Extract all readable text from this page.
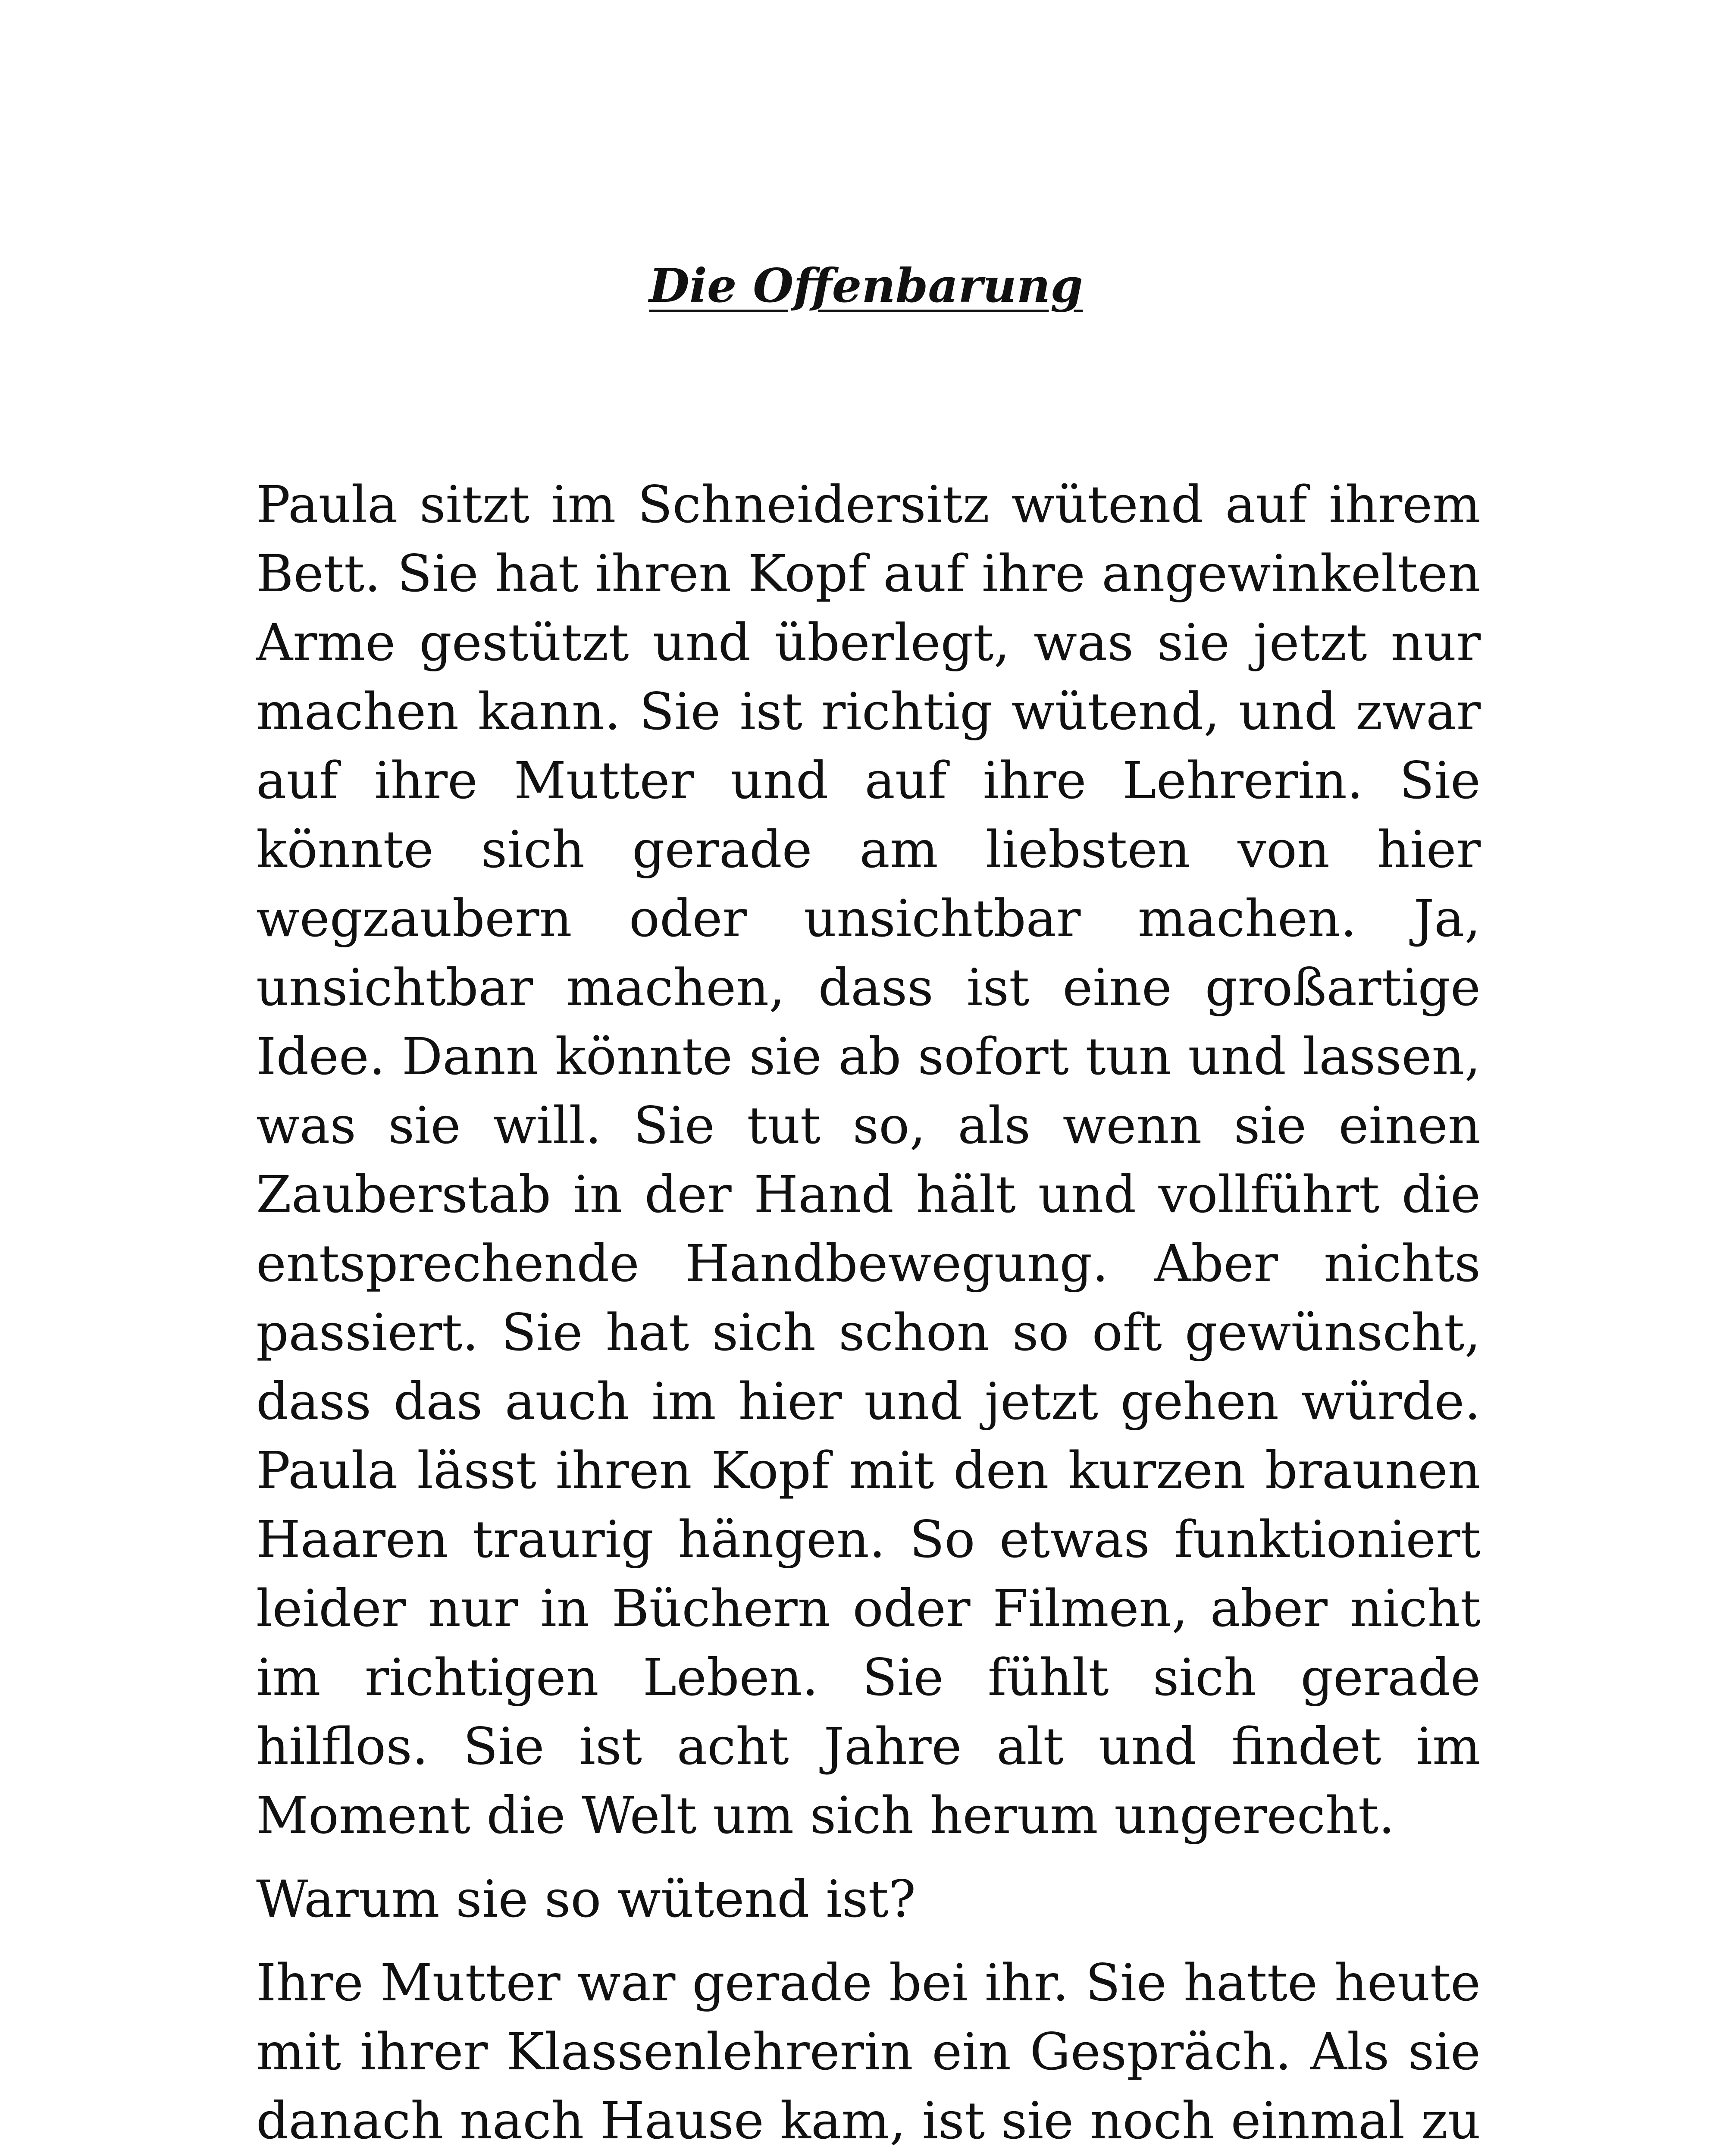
Die Offenbarung

Paula sitzt im Schneidersitz wütend auf ihrem Bett. Sie hat ihren Kopf auf ihre angewinkelten Arme gestützt und überlegt, was sie jetzt nur machen kann. Sie ist richtig wütend, und zwar auf ihre Mutter und auf ihre Lehrerin. Sie könnte sich gerade am liebsten von hier wegzaubern oder unsichtbar machen. Ja, unsichtbar machen, dass ist eine großartige Idee. Dann könnte sie ab sofort tun und lassen, was sie will. Sie tut so, als wenn sie einen Zauberstab in der Hand hält und vollführt die entsprechende Handbewegung. Aber nichts passiert. Sie hat sich schon so oft gewünscht, dass das auch im hier und jetzt gehen würde. Paula lässt ihren Kopf mit den kurzen braunen Haaren traurig hängen. So etwas funktioniert leider nur in Büchern oder Filmen, aber nicht im richtigen Leben. Sie fühlt sich gerade hilflos. Sie ist acht Jahre alt und findet im Moment die Welt um sich herum ungerecht.

Warum sie so wütend ist?

Ihre Mutter war gerade bei ihr. Sie hatte heute mit ihrer Klassenlehrerin ein Gespräch. Als sie danach nach Hause kam, ist sie noch einmal zu
